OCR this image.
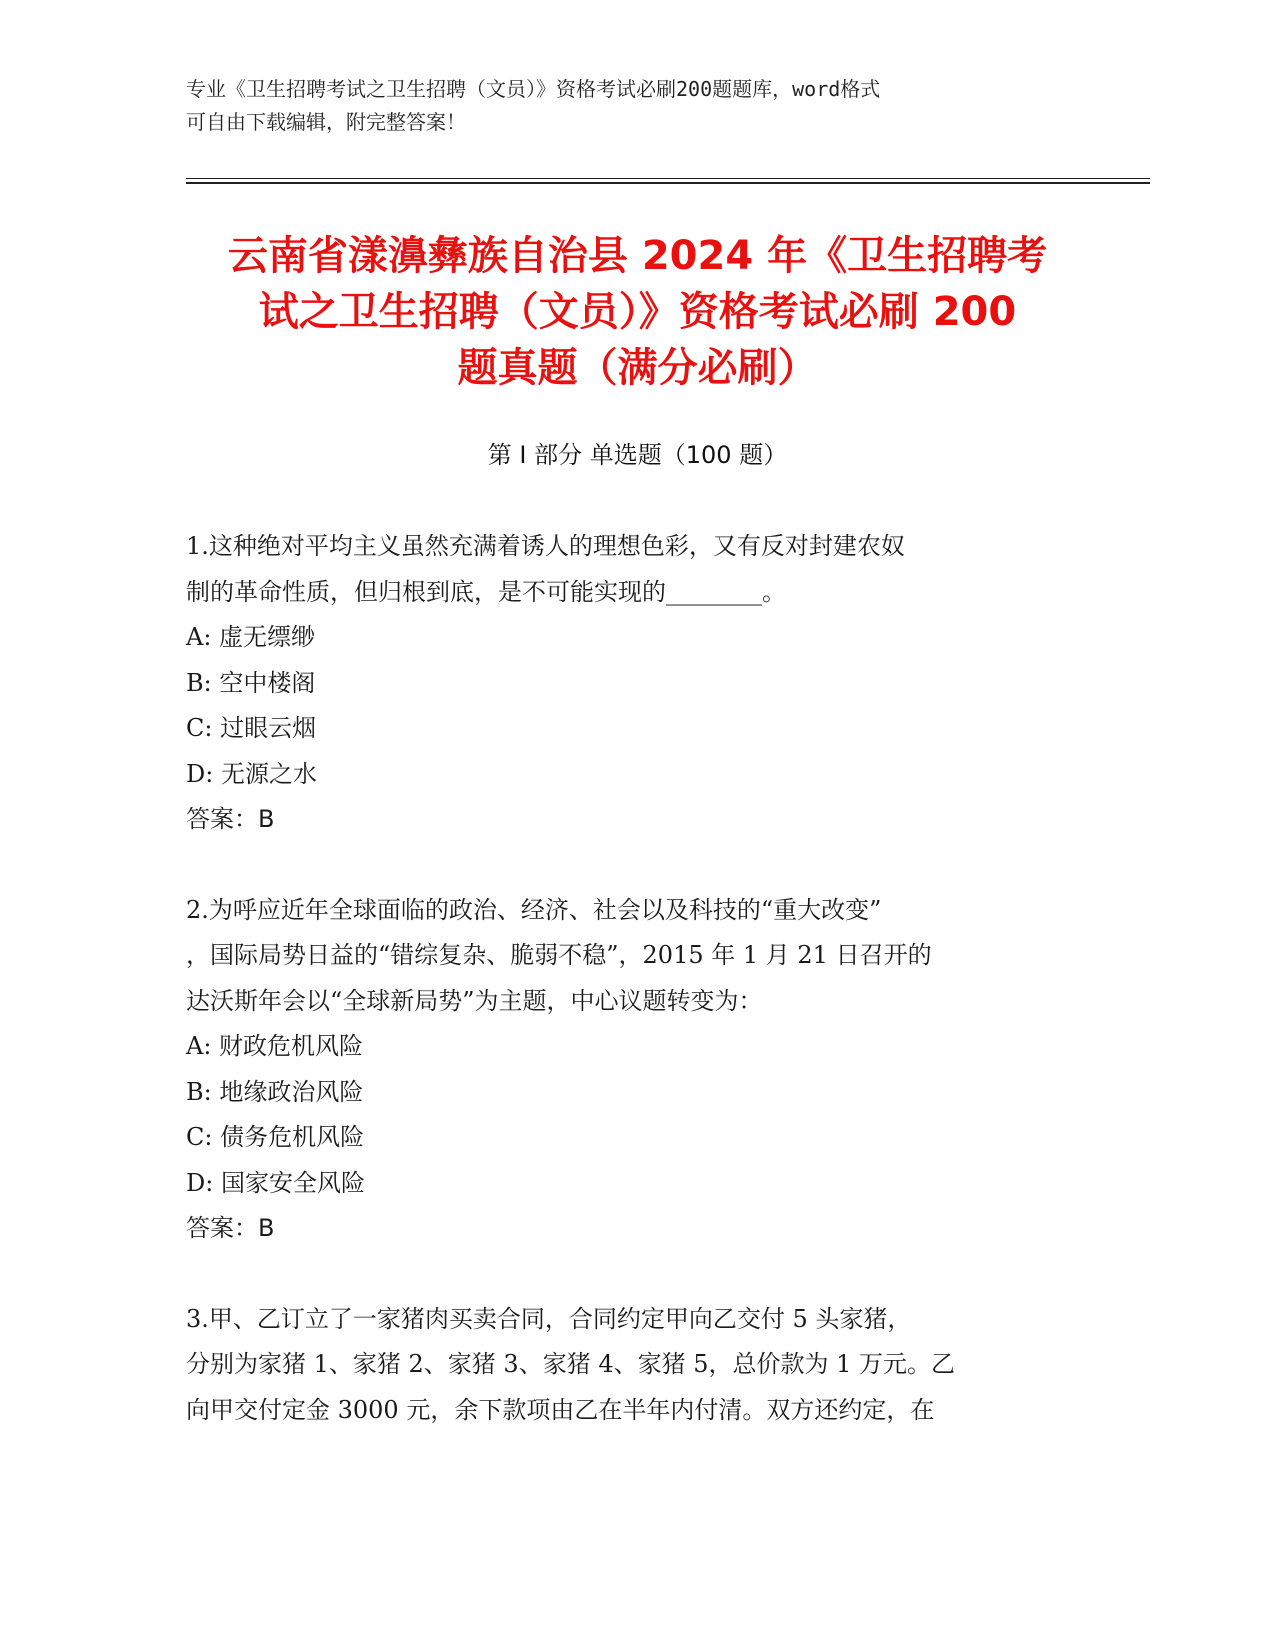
专业《卫生招聘考试之卫生招聘（文员）》资格考试必刷200题题库，word格式
可自由下载编辑，附完整答案！
云南省漾濞彝族自治县 2024 年《卫生招聘考
试之卫生招聘（文员）》资格考试必刷 200
题真题（满分必刷）
第 I 部分 单选题（100 题）
1.这种绝对平均主义虽然充满着诱人的理想色彩，又有反对封建农奴
制的革命性质，但归根到底，是不可能实现的________。
A: 虚无缥缈
B: 空中楼阁
C: 过眼云烟
D: 无源之水
答案：B
2.为呼应近年全球面临的政治、经济、社会以及科技的“重大改变”
，国际局势日益的“错综复杂、脆弱不稳”，2015 年 1 月 21 日召开的
达沃斯年会以“全球新局势”为主题，中心议题转变为：
A: 财政危机风险
B: 地缘政治风险
C: 债务危机风险
D: 国家安全风险
答案：B
3.甲、乙订立了一家猪肉买卖合同，合同约定甲向乙交付 5 头家猪，
分别为家猪 1、家猪 2、家猪 3、家猪 4、家猪 5，总价款为 1 万元。乙
向甲交付定金 3000 元，余下款项由乙在半年内付清。双方还约定，在
